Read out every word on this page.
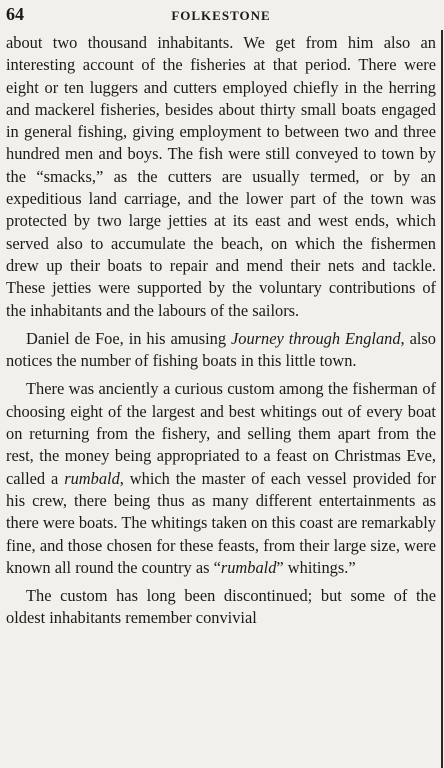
64	FOLKESTONE

about two thousand inhabitants. We get from him also an interesting account of the fisheries at that period. There were eight or ten luggers and cutters employed chiefly in the herring and mackerel fisheries, besides about thirty small boats engaged in general fishing, giving employment to between two and three hundred men and boys. The fish were still conveyed to town by the “smacks,” as the cutters are usually termed, or by an expeditious land carriage, and the lower part of the town was protected by two large jetties at its east and west ends, which served also to accumulate the beach, on which the fishermen drew up their boats to repair and mend their nets and tackle. These jetties were supported by the voluntary contributions of the inhabitants and the labours of the sailors.

Daniel de Foe, in his amusing Journey through England, also notices the number of fishing boats in this little town.

There was anciently a curious custom among the fisherman of choosing eight of the largest and best whitings out of every boat on returning from the fishery, and selling them apart from the rest, the money being appropriated to a feast on Christmas Eve, called a rumbald, which the master of each vessel provided for his crew, there being thus as many different entertainments as there were boats. The whitings taken on this coast are remarkably fine, and those chosen for these feasts, from their large size, were known all round the country as “rumbald” whitings.”

The custom has long been discontinued; but some of the oldest inhabitants remember convivial
